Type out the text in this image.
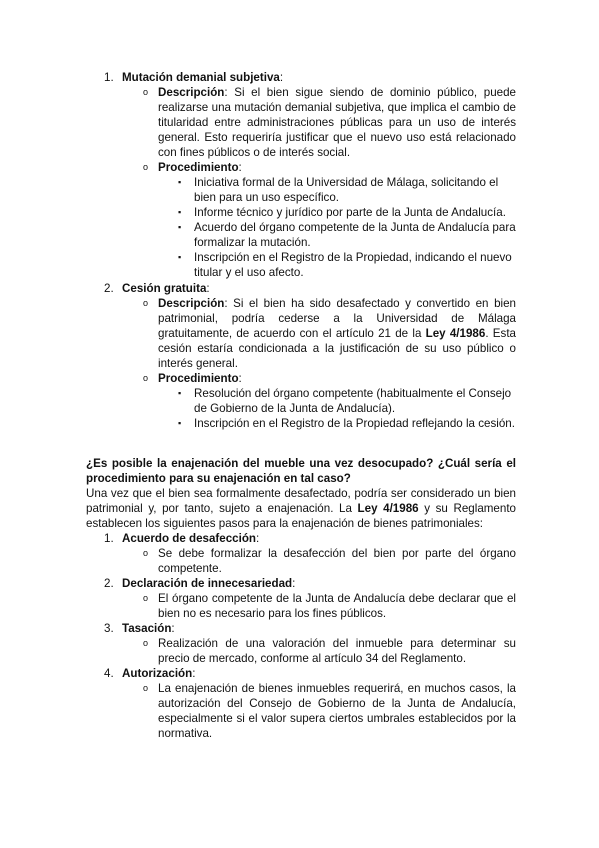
1. Mutación demanial subjetiva:
o Descripción: Si el bien sigue siendo de dominio público, puede realizarse una mutación demanial subjetiva, que implica el cambio de titularidad entre administraciones públicas para un uso de interés general. Esto requeriría justificar que el nuevo uso está relacionado con fines públicos o de interés social.
o Procedimiento:
▪ Iniciativa formal de la Universidad de Málaga, solicitando el bien para un uso específico.
▪ Informe técnico y jurídico por parte de la Junta de Andalucía.
▪ Acuerdo del órgano competente de la Junta de Andalucía para formalizar la mutación.
▪ Inscripción en el Registro de la Propiedad, indicando el nuevo titular y el uso afecto.
2. Cesión gratuita:
o Descripción: Si el bien ha sido desafectado y convertido en bien patrimonial, podría cederse a la Universidad de Málaga gratuitamente, de acuerdo con el artículo 21 de la Ley 4/1986. Esta cesión estaría condicionada a la justificación de su uso público o interés general.
o Procedimiento:
▪ Resolución del órgano competente (habitualmente el Consejo de Gobierno de la Junta de Andalucía).
▪ Inscripción en el Registro de la Propiedad reflejando la cesión.

¿Es posible la enajenación del mueble una vez desocupado? ¿Cuál sería el procedimiento para su enajenación en tal caso?

Una vez que el bien sea formalmente desafectado, podría ser considerado un bien patrimonial y, por tanto, sujeto a enajenación. La Ley 4/1986 y su Reglamento establecen los siguientes pasos para la enajenación de bienes patrimoniales:

1. Acuerdo de desafección:
o Se debe formalizar la desafección del bien por parte del órgano competente.
2. Declaración de innecesariedad:
o El órgano competente de la Junta de Andalucía debe declarar que el bien no es necesario para los fines públicos.
3. Tasación:
o Realización de una valoración del inmueble para determinar su precio de mercado, conforme al artículo 34 del Reglamento.
4. Autorización:
o La enajenación de bienes inmuebles requerirá, en muchos casos, la autorización del Consejo de Gobierno de la Junta de Andalucía, especialmente si el valor supera ciertos umbrales establecidos por la normativa.
